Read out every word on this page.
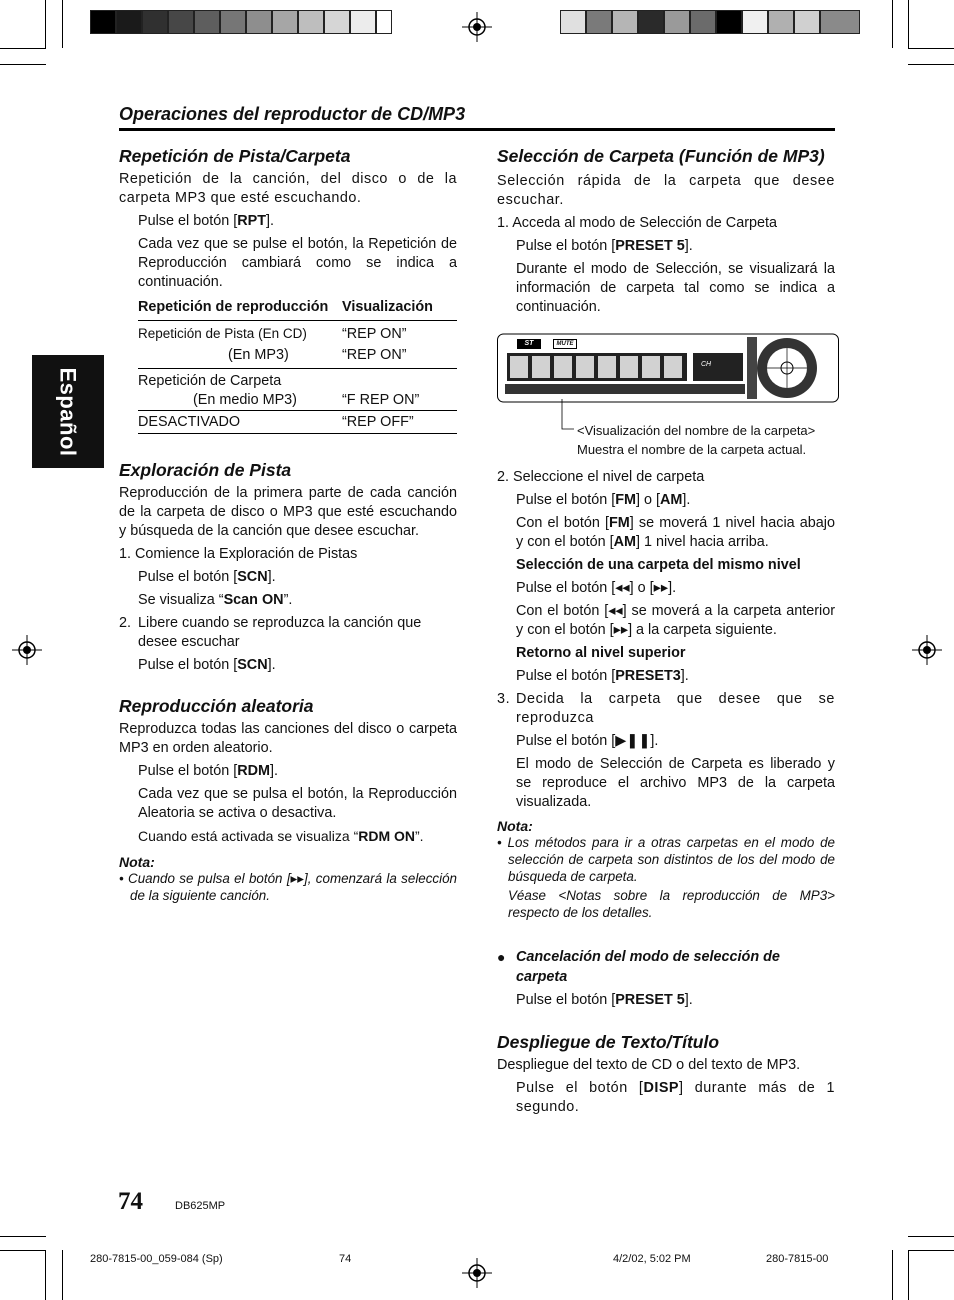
Español
Operaciones del reproductor de CD/MP3
Repetición de Pista/Carpeta
Repetición de la canción, del disco o de la carpeta MP3 que esté escuchando.
Pulse el botón [RPT].
Cada vez que se pulse el botón, la Repetición de Reproducción cambiará como se indica a continuación.
Repetición de reproducción	Visualización
Repetición de Pista (En CD)	“REP ON”
(En MP3)	“REP ON”
Repetición de Carpeta	
(En medio MP3)	“F REP ON”
DESACTIVADO	“REP OFF”
Exploración de Pista
Reproducción de la primera parte de cada canción de la carpeta de disco o MP3 que esté escuchando y búsqueda de la canción que desee escuchar.
1. Comience la Exploración de Pistas
Pulse el botón [SCN].
Se visualiza “Scan ON”.
2. Libere cuando se reproduzca la canción que desee escuchar
Pulse el botón [SCN].
Reproducción aleatoria
Reproduzca todas las canciones del disco o carpeta MP3 en orden aleatorio.
Pulse el botón [RDM].
Cada vez que se pulsa el botón, la Reproducción Aleatoria se activa o desactiva.
Cuando está activada se visualiza “RDM ON”.
Nota:
• Cuando se pulsa el botón [▸▸], comenzará la selección de la siguiente canción.
Selección de Carpeta (Función de MP3)
Selección rápida de la carpeta que desee escuchar.
1. Acceda al modo de Selección de Carpeta
Pulse el botón [PRESET 5].
Durante el modo de Selección, se visualizará la información de carpeta tal como se indica a continuación.
ST	MUTE
CH
<Visualización del nombre de la carpeta>
Muestra el nombre de la carpeta actual.
2. Seleccione el nivel de carpeta
Pulse el botón [FM] o [AM].
Con el botón [FM] se moverá 1 nivel hacia abajo y con el botón [AM] 1 nivel hacia arriba.
Selección de una carpeta del mismo nivel
Pulse el botón [◂◂] o [▸▸].
Con el botón [◂◂] se moverá a la carpeta anterior y con el botón [▸▸] a la carpeta siguiente.
Retorno al nivel superior
Pulse el botón [PRESET3].
3. Decida la carpeta que desee que se reproduzca
Pulse el botón [▶❚❚].
El modo de Selección de Carpeta es liberado y se reproduce el archivo MP3 de la carpeta visualizada.
Nota:
• Los métodos para ir a otras carpetas en el modo de selección de carpeta son distintos de los del modo de búsqueda de carpeta.
Véase <Notas sobre la reproducción de MP3> respecto de los detalles.
● Cancelación del modo de selección de carpeta
Pulse el botón [PRESET 5].
Despliegue de Texto/Título
Despliegue del texto de CD o del texto de MP3.
Pulse el botón [DISP] durante más de 1 segundo.
74	DB625MP
280-7815-00_059-084 (Sp)	74	4/2/02, 5:02 PM	280-7815-00
